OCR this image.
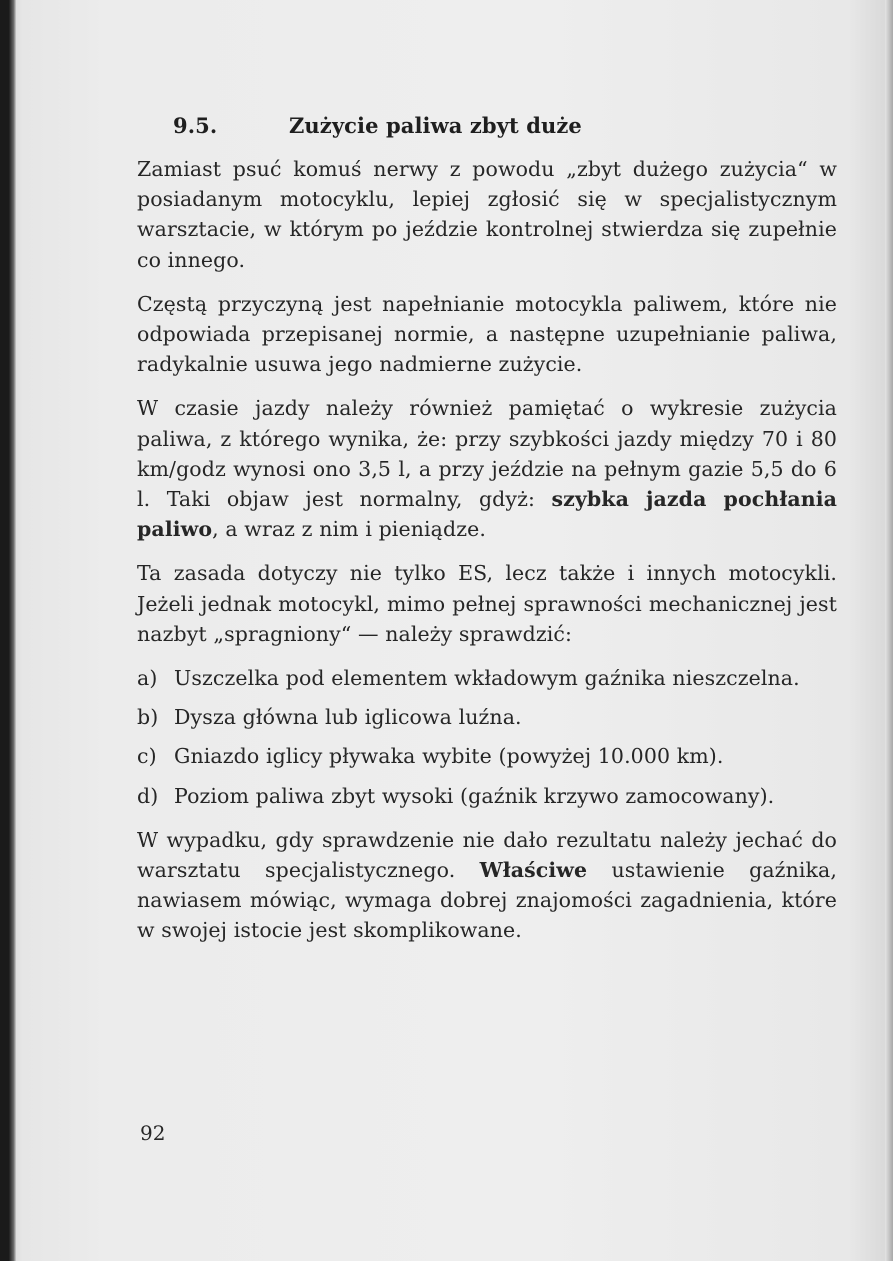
9.5.	Zużycie paliwa zbyt duże

Zamiast psuć komuś nerwy z powodu „zbyt dużego zużycia“ w posiadanym motocyklu, lepiej zgłosić się w specjalistycznym warsztacie, w którym po jeździe kontrolnej stwierdza się zupełnie co innego.

Częstą przyczyną jest napełnianie motocykla paliwem, które nie odpowiada przepisanej normie, a następne uzupełnianie paliwa, radykalnie usuwa jego nadmierne zużycie.

W czasie jazdy należy również pamiętać o wykresie zużycia paliwa, z którego wynika, że: przy szybkości jazdy między 70 i 80 km/godz wynosi ono 3,5 l, a przy jeździe na pełnym gazie 5,5 do 6 l. Taki objaw jest normalny, gdyż: szybka jazda pochłania paliwo, a wraz z nim i pieniądze.

Ta zasada dotyczy nie tylko ES, lecz także i innych motocykli. Jeżeli jednak motocykl, mimo pełnej sprawności mechanicznej jest nazbyt „spragniony“ — należy sprawdzić:

a) Uszczelka pod elementem wkładowym gaźnika nieszczelna.
b) Dysza główna lub iglicowa luźna.
c) Gniazdo iglicy pływaka wybite (powyżej 10.000 km).
d) Poziom paliwa zbyt wysoki (gaźnik krzywo zamocowany).

W wypadku, gdy sprawdzenie nie dało rezultatu należy jechać do warsztatu specjalistycznego. Właściwe ustawienie gaźnika, nawiasem mówiąc, wymaga dobrej znajomości zagadnienia, które w swojej istocie jest skomplikowane.

92
